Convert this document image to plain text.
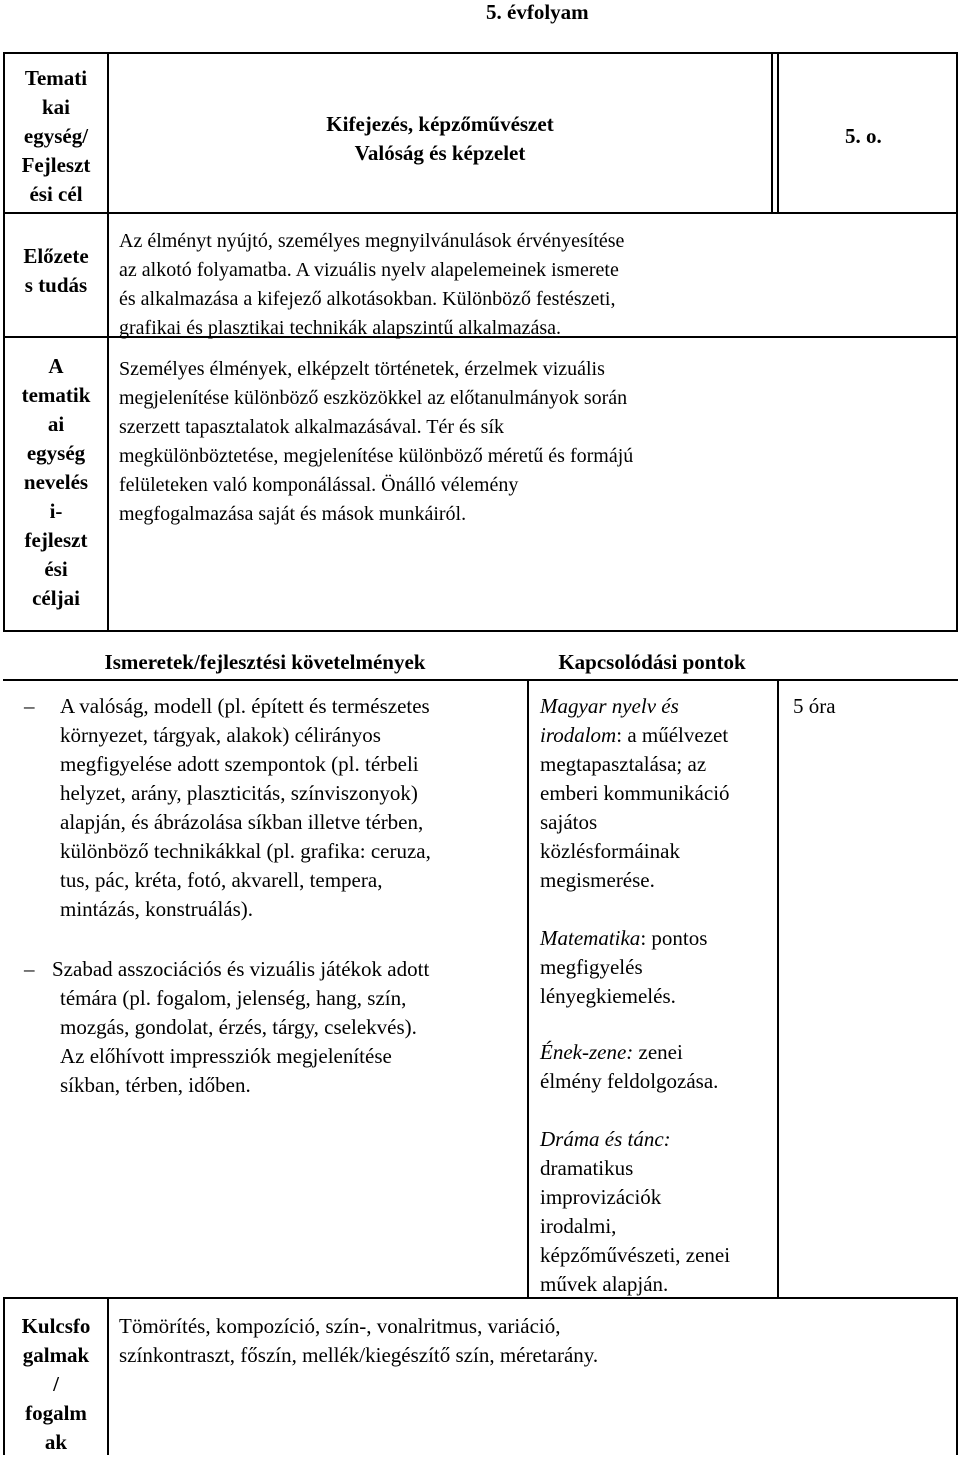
5. évfolyam
Temati
kai
egység/
Fejleszt
ési cél
Kifejezés, képzőművészet
Valóság és képzelet
5. o.
Előzete
s tudás
Az élményt nyújtó, személyes megnyilvánulások érvényesítése
az alkotó folyamatba. A vizuális nyelv alapelemeinek ismerete
és alkalmazása a kifejező alkotásokban. Különböző festészeti,
grafikai és plasztikai technikák alapszintű alkalmazása.
A
tematik
ai
egység
nevelés
i-
fejleszt
ési
céljai
Személyes élmények, elképzelt történetek, érzelmek vizuális
megjelenítése különböző eszközökkel az előtanulmányok során
szerzett tapasztalatok alkalmazásával. Tér és sík
megkülönböztetése, megjelenítése különböző méretű és formájú
felületeken való komponálással. Önálló vélemény
megfogalmazása saját és mások munkáiról.
Ismeretek/fejlesztési követelmények	Kapcsolódási pontok
–	A valóság, modell (pl. épített és természetes
környezet, tárgyak, alakok) célirányos
megfigyelése adott szempontok (pl. térbeli
helyzet, arány, plaszticitás, színviszonyok)
alapján, és ábrázolása síkban illetve térben,
különböző technikákkal (pl. grafika: ceruza,
tus, pác, kréta, fotó, akvarell, tempera,
mintázás, konstruálás).
– Szabad asszociációs és vizuális játékok adott
témára (pl. fogalom, jelenség, hang, szín,
mozgás, gondolat, érzés, tárgy, cselekvés).
Az előhívott impressziók megjelenítése
síkban, térben, időben.
Magyar nyelv és
irodalom: a műélvezet
megtapasztalása; az
emberi kommunikáció
sajátos
közlésformáinak
megismerése.
Matematika: pontos
megfigyelés
lényegkiemelés.
Ének-zene: zenei
élmény feldolgozása.
Dráma és tánc:
dramatikus
improvizációk
irodalmi,
képzőművészeti, zenei
művek alapján.
5 óra
Kulcsfo
galmak
/
fogalm
ak
Tömörítés, kompozíció, szín-, vonalritmus, variáció,
színkontraszt, főszín, mellék/kiegészítő szín, méretarány.
